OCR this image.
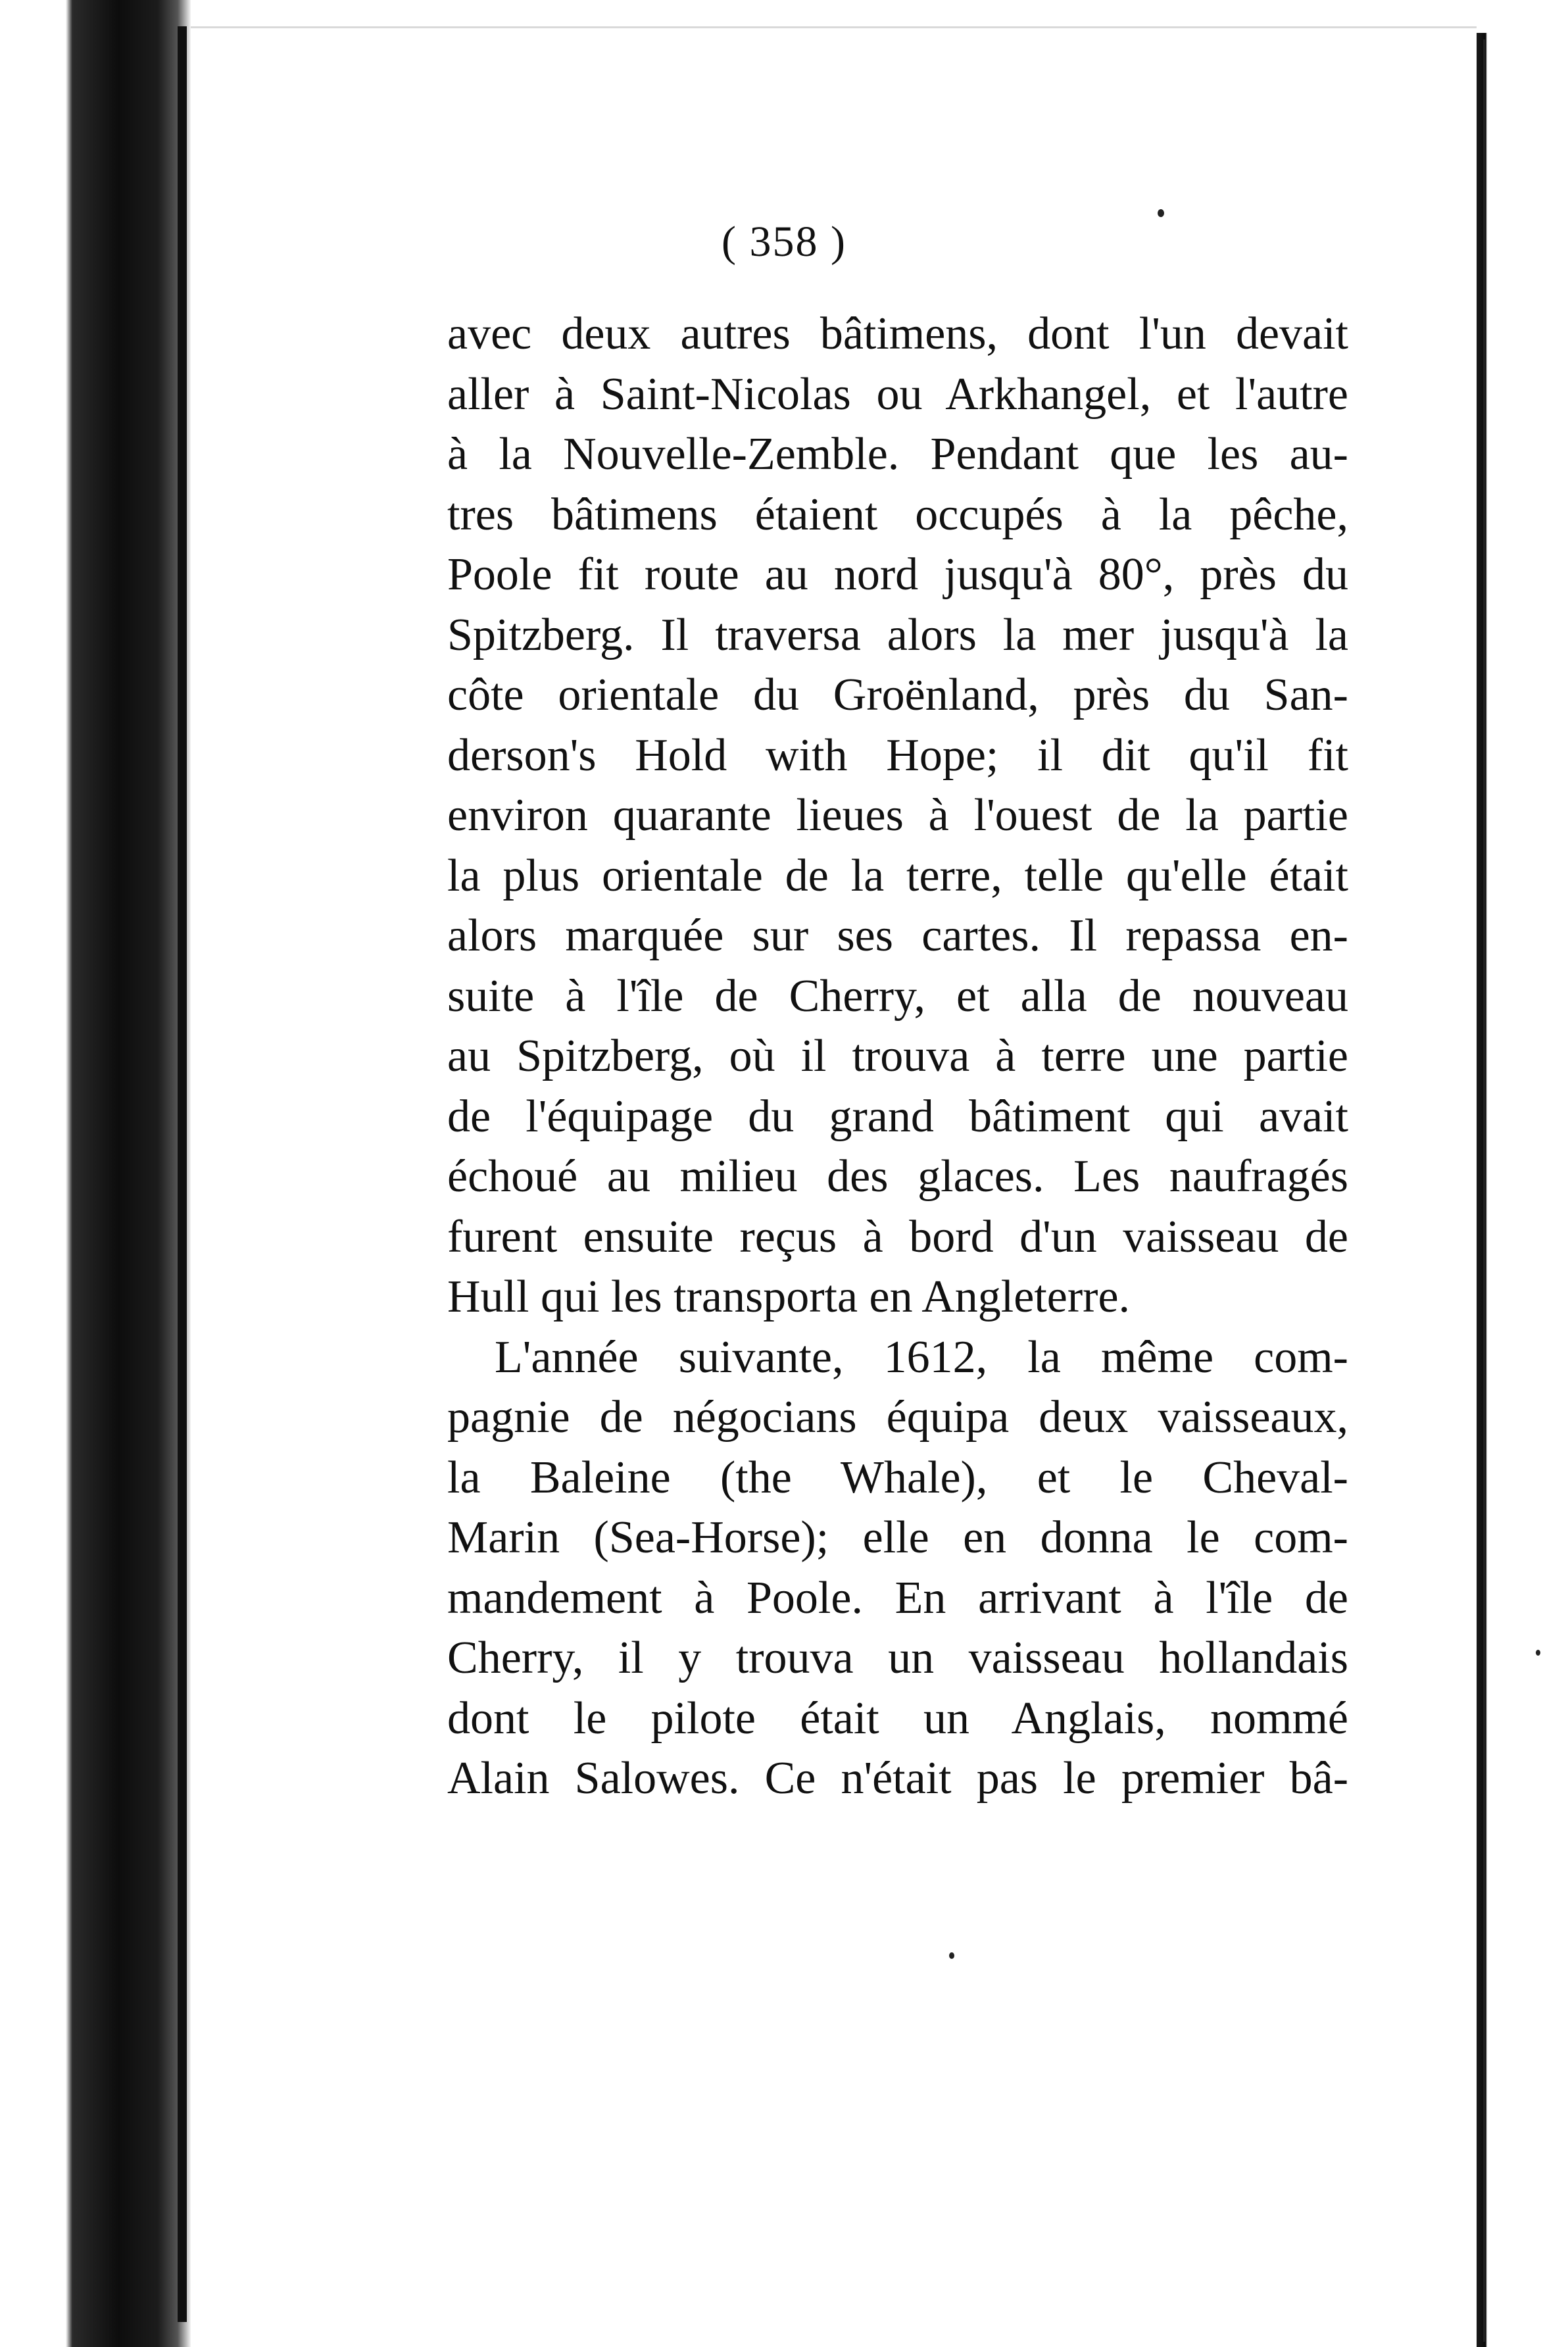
( 358 )
avec deux autres bâtimens, dont l'un devait
aller à Saint-Nicolas ou Arkhangel, et l'autre
à la Nouvelle-Zemble. Pendant que les au-
tres bâtimens étaient occupés à la pêche,
Poole fit route au nord jusqu'à 80°, près du
Spitzberg. Il traversa alors la mer jusqu'à la
côte orientale du Groënland, près du San-
derson's Hold with Hope; il dit qu'il fit
environ quarante lieues à l'ouest de la partie
la plus orientale de la terre, telle qu'elle était
alors marquée sur ses cartes. Il repassa en-
suite à l'île de Cherry, et alla de nouveau
au Spitzberg, où il trouva à terre une partie
de l'équipage du grand bâtiment qui avait
échoué au milieu des glaces. Les naufragés
furent ensuite reçus à bord d'un vaisseau de
Hull qui les transporta en Angleterre.
L'année suivante, 1612, la même com-
pagnie de négocians équipa deux vaisseaux,
la Baleine (the Whale), et le Cheval-
Marin (Sea-Horse); elle en donna le com-
mandement à Poole. En arrivant à l'île de
Cherry, il y trouva un vaisseau hollandais
dont le pilote était un Anglais, nommé
Alain Salowes. Ce n'était pas le premier bâ-
